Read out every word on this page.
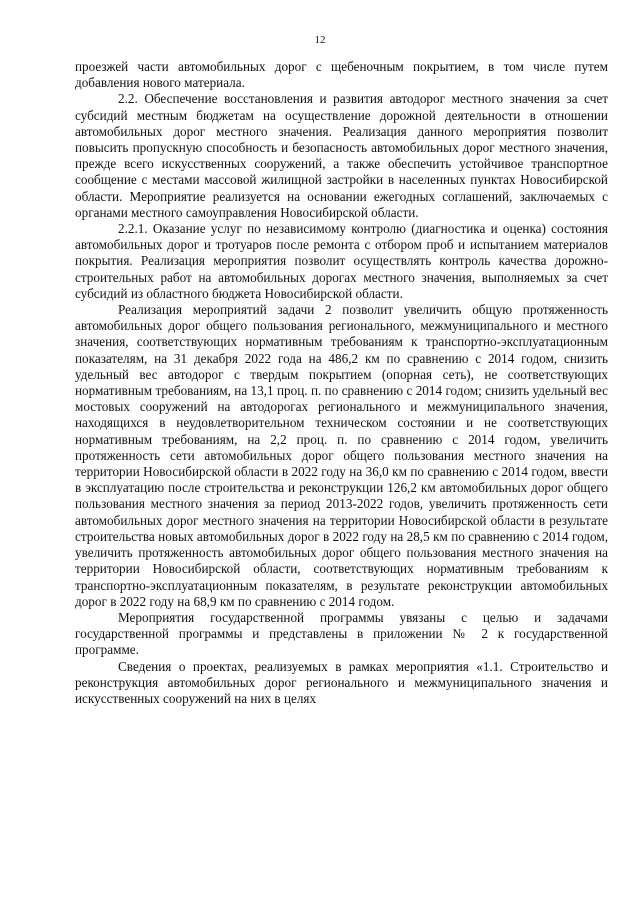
12

проезжей части автомобильных дорог с щебеночным покрытием, в том числе путем добавления нового материала.

2.2. Обеспечение восстановления и развития автодорог местного значения за счет субсидий местным бюджетам на осуществление дорожной деятельности в отношении автомобильных дорог местного значения. Реализация данного мероприятия позволит повысить пропускную способность и безопасность автомобильных дорог местного значения, прежде всего искусственных сооружений, а также обеспечить устойчивое транспортное сообщение с местами массовой жилищной застройки в населенных пунктах Новосибирской области. Мероприятие реализуется на основании ежегодных соглашений, заключаемых с органами местного самоуправления Новосибирской области.

2.2.1. Оказание услуг по независимому контролю (диагностика и оценка) состояния автомобильных дорог и тротуаров после ремонта с отбором проб и испытанием материалов покрытия. Реализация мероприятия позволит осуществлять контроль качества дорожно-строительных работ на автомобильных дорогах местного значения, выполняемых за счет субсидий из областного бюджета Новосибирской области.

Реализация мероприятий задачи 2 позволит увеличить общую протяженность автомобильных дорог общего пользования регионального, межмуниципального и местного значения, соответствующих нормативным требованиям к транспортно-эксплуатационным показателям, на 31 декабря 2022 года на 486,2 км по сравнению с 2014 годом, снизить удельный вес автодорог с твердым покрытием (опорная сеть), не соответствующих нормативным требованиям, на 13,1 проц. п. по сравнению с 2014 годом; снизить удельный вес мостовых сооружений на автодорогах регионального и межмуниципального значения, находящихся в неудовлетворительном техническом состоянии и не соответствующих нормативным требованиям, на 2,2 проц. п. по сравнению с 2014 годом, увеличить протяженность сети автомобильных дорог общего пользования местного значения на территории Новосибирской области в 2022 году на 36,0 км по сравнению с 2014 годом, ввести в эксплуатацию после строительства и реконструкции 126,2 км автомобильных дорог общего пользования местного значения за период 2013-2022 годов, увеличить протяженность сети автомобильных дорог местного значения на территории Новосибирской области в результате строительства новых автомобильных дорог в 2022 году на 28,5 км по сравнению с 2014 годом, увеличить протяженность автомобильных дорог общего пользования местного значения на территории Новосибирской области, соответствующих нормативным требованиям к транспортно-эксплуатационным показателям, в результате реконструкции автомобильных дорог в 2022 году на 68,9 км по сравнению с 2014 годом.

Мероприятия государственной программы увязаны с целью и задачами государственной программы и представлены в приложении № 2 к государственной программе.

Сведения о проектах, реализуемых в рамках мероприятия «1.1. Строительство и реконструкция автомобильных дорог регионального и межмуниципального значения и искусственных сооружений на них в целях
